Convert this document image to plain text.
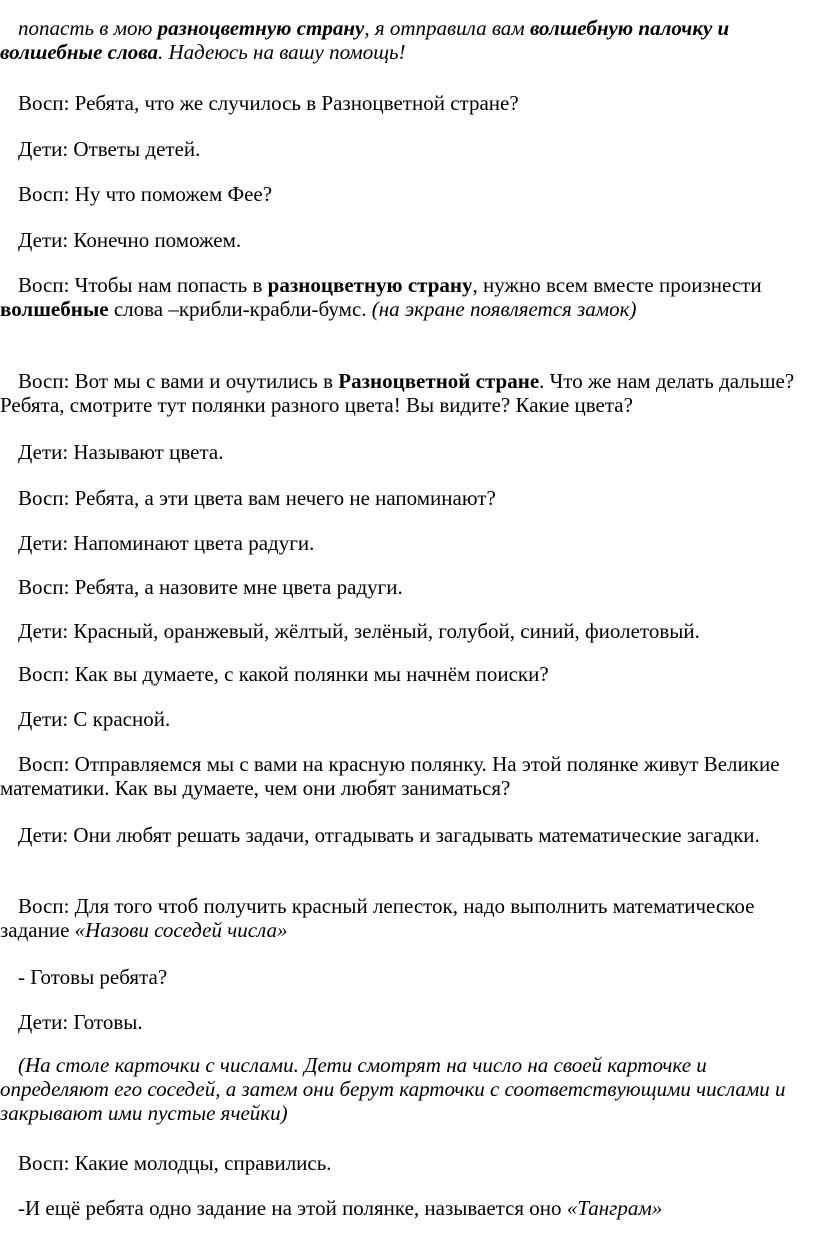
попасть в мою разноцветную страну, я отправила вам волшебную палочку и волшебные слова. Надеюсь на вашу помощь!

Восп: Ребята, что же случилось в Разноцветной стране?

Дети: Ответы детей.

Восп: Ну что поможем Фее?

Дети: Конечно поможем.

Восп: Чтобы нам попасть в разноцветную страну, нужно всем вместе произнести волшебные слова –крибли-крабли-бумс. (на экране появляется замок)

Восп: Вот мы с вами и очутились в Разноцветной стране. Что же нам делать дальше? Ребята, смотрите тут полянки разного цвета! Вы видите? Какие цвета?

Дети: Называют цвета.

Восп: Ребята, а эти цвета вам нечего не напоминают?

Дети: Напоминают цвета радуги.

Восп: Ребята, а назовите мне цвета радуги.

Дети: Красный, оранжевый, жёлтый, зелёный, голубой, синий, фиолетовый.

Восп: Как вы думаете, с какой полянки мы начнём поиски?

Дети: С красной.

Восп: Отправляемся мы с вами на красную полянку. На этой полянке живут Великие математики. Как вы думаете, чем они любят заниматься?

Дети: Они любят решать задачи, отгадывать и загадывать математические загадки.

Восп: Для того чтоб получить красный лепесток, надо выполнить математическое задание «Назови соседей числа»

- Готовы ребята?

Дети: Готовы.

(На столе карточки с числами. Дети смотрят на число на своей карточке и определяют его соседей, а затем они берут карточки с соответствующими числами и закрывают ими пустые ячейки)

Восп: Какие молодцы, справились.

-И ещё ребята одно задание на этой полянке, называется оно «Танграм»
